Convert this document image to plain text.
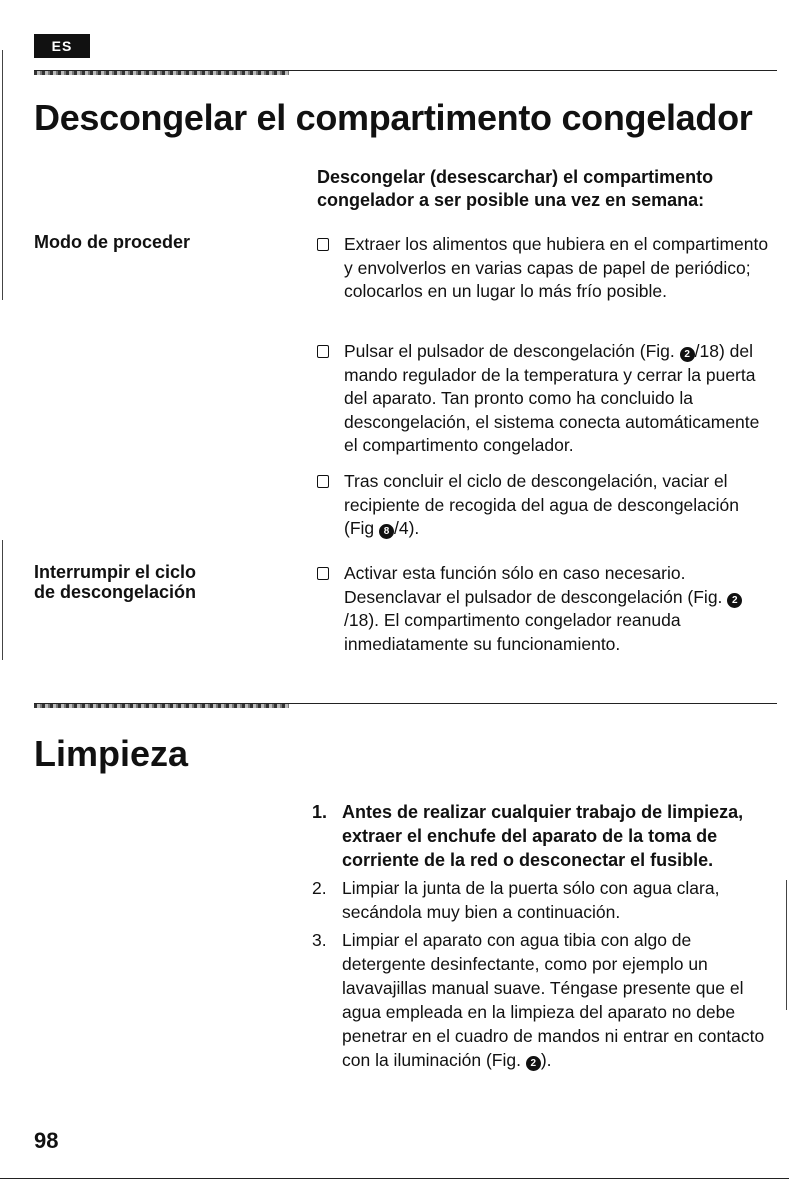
ES
Descongelar el compartimento congelador
Descongelar (desescarchar) el compartimento congelador a ser posible una vez en semana:
Modo de proceder
Interrumpir el ciclo
de descongelación
Extraer los alimentos que hubiera en el compartimento y envolverlos en varias capas de papel de periódico; colocarlos en un lugar lo más frío posible.
Pulsar el pulsador de descongelación (Fig. 2 /18) del mando regulador de la temperatura y cerrar la puerta del aparato. Tan pronto como ha concluido la descongelación, el sistema conecta automáticamente el compartimento congelador.
Tras concluir el ciclo de descongelación, vaciar el recipiente de recogida del agua de descongelación (Fig 8 /4).
Activar esta función sólo en caso necesario. Desenclavar el pulsador de descongelación (Fig. 2/18). El compartimento congelador reanuda inmediatamente su funcionamiento.
Limpieza
1. Antes de realizar cualquier trabajo de limpieza, extraer el enchufe del aparato de la toma de corriente de la red o desconectar el fusible.
2. Limpiar la junta de la puerta sólo con agua clara, secándola muy bien a continuación.
3. Limpiar el aparato con agua tibia con algo de detergente desinfectante, como por ejemplo un lavavajillas manual suave. Téngase presente que el agua empleada en la limpieza del aparato no debe penetrar en el cuadro de mandos ni entrar en contacto con la iluminación (Fig. 2 ).
98
